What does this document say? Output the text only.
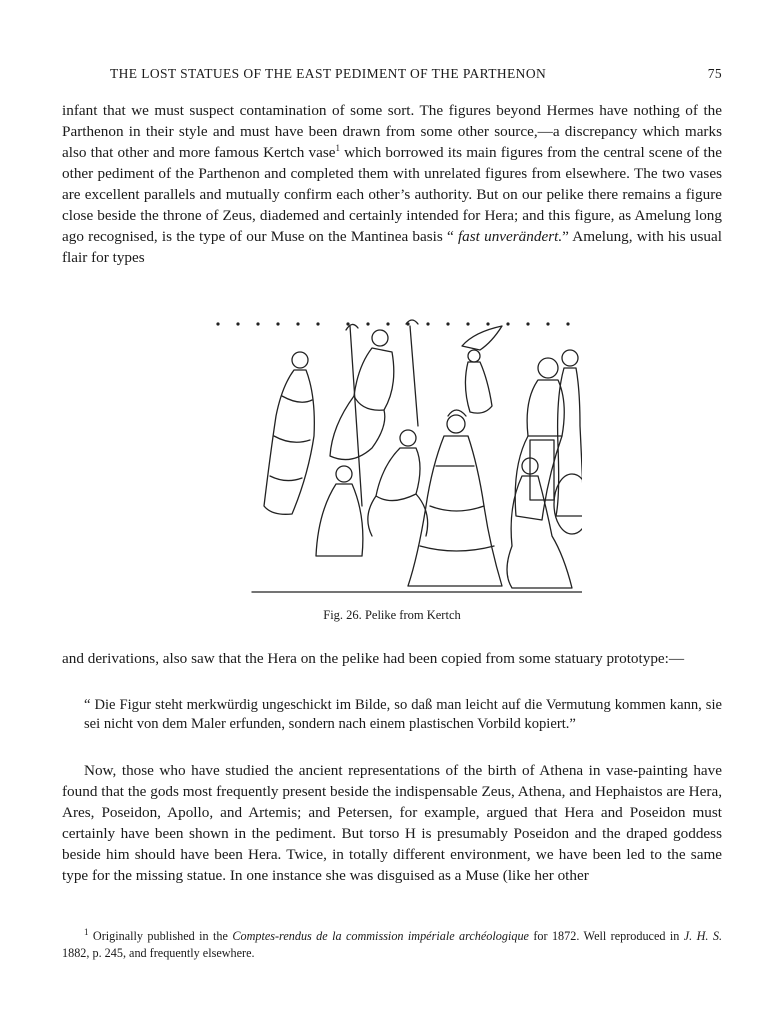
THE LOST STATUES OF THE EAST PEDIMENT OF THE PARTHENON	75

infant that we must suspect contamination of some sort. The figures beyond Hermes have nothing of the Parthenon in their style and must have been drawn from some other source,—a discrepancy which marks also that other and more famous Kertch vase$^1$ which borrowed its main figures from the central scene of the other pediment of the Parthenon and completed them with unrelated figures from elsewhere. The two vases are excellent parallels and mutually confirm each other’s authority. But on our pelike there remains a figure close beside the throne of Zeus, diademed and certainly intended for Hera; and this figure, as Amelung long ago recognised, is the type of our Muse on the Mantinea basis “ fast unverändert.” Amelung, with his usual flair for types

Fig. 26. Pelike from Kertch

and derivations, also saw that the Hera on the pelike had been copied from some statuary prototype:—

“ Die Figur steht merkwürdig ungeschickt im Bilde, so daß man leicht auf die Vermutung kommen kann, sie sei nicht von dem Maler erfunden, sondern nach einem plastischen Vorbild kopiert.”

Now, those who have studied the ancient representations of the birth of Athena in vase-painting have found that the gods most frequently present beside the indispensable Zeus, Athena, and Hephaistos are Hera, Ares, Poseidon, Apollo, and Artemis; and Petersen, for example, argued that Hera and Poseidon must certainly have been shown in the pediment. But torso H is presumably Poseidon and the draped goddess beside him should have been Hera. Twice, in totally different environment, we have been led to the same type for the missing statue. In one instance she was disguised as a Muse (like her other

$^1$ Originally published in the Comptes-rendus de la commission impériale archéologique for 1872. Well reproduced in J. H. S. 1882, p. 245, and frequently elsewhere.
